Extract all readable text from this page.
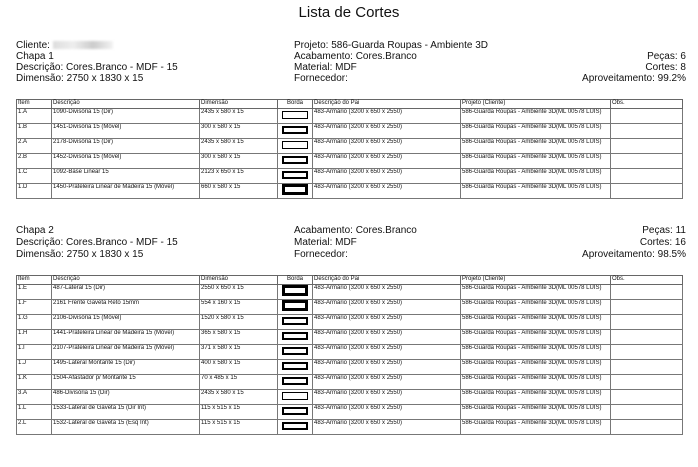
Lista de Cortes
Cliente:	Projeto: 586-Guarda Roupas - Ambiente 3D
Chapa 1
Descrição: Cores.Branco - MDF - 15
Dimensão: 2750 x 1830 x 15
Acabamento: Cores.Branco
Material: MDF
Fornecedor:
Peças: 6
Cortes: 8
Aproveitamento: 99.2%
Item	Descrição	Dimensão	Borda	Descrição do Pai	Projeto (Cliente)	Obs.
1.A	1090-Divisória 15 (Dir)	2435 x 580 x 15		483-Armário (3200 x 650 x 2550)	586-Guarda Roupas - Ambiente 3D(ML 00578 LUIS)	
1.B	1451-Divisória 15 (Móvel)	300 x 580 x 15		483-Armário (3200 x 650 x 2550)	586-Guarda Roupas - Ambiente 3D(ML 00578 LUIS)	
2.A	2178-Divisória 15 (Dir)	2435 x 580 x 15		483-Armário (3200 x 650 x 2550)	586-Guarda Roupas - Ambiente 3D(ML 00578 LUIS)	
2.B	1452-Divisória 15 (Móvel)	300 x 580 x 15		483-Armário (3200 x 650 x 2550)	586-Guarda Roupas - Ambiente 3D(ML 00578 LUIS)	
1.C	1092-Base Linear 15	2123 x 650 x 15		483-Armário (3200 x 650 x 2550)	586-Guarda Roupas - Ambiente 3D(ML 00578 LUIS)	
1.D	1450-Prateleira Linear de Madeira 15 (Móvel)	660 x 580 x 15		483-Armário (3200 x 650 x 2550)	586-Guarda Roupas - Ambiente 3D(ML 00578 LUIS)	
Chapa 2
Descrição: Cores.Branco - MDF - 15
Dimensão: 2750 x 1830 x 15
Acabamento: Cores.Branco
Material: MDF
Fornecedor:
Peças: 11
Cortes: 16
Aproveitamento: 98.5%
Item	Descrição	Dimensão	Borda	Descrição do Pai	Projeto (Cliente)	Obs.
1.E	487-Lateral 15 (Dir)	2550 x 650 x 15		483-Armário (3200 x 650 x 2550)	586-Guarda Roupas - Ambiente 3D(ML 00578 LUIS)	
1.F	2161 Frente Gaveta Reto 15mm	554 x 160 x 15		483-Armário (3200 x 650 x 2550)	586-Guarda Roupas - Ambiente 3D(ML 00578 LUIS)	
1.G	2106-Divisória 15 (Móvel)	1520 x 580 x 15		483-Armário (3200 x 650 x 2550)	586-Guarda Roupas - Ambiente 3D(ML 00578 LUIS)	
1.H	1441-Prateleira Linear de Madeira 15 (Móvel)	365 x 580 x 15		483-Armário (3200 x 650 x 2550)	586-Guarda Roupas - Ambiente 3D(ML 00578 LUIS)	
1.I	2107-Prateleira Linear de Madeira 15 (Móvel)	371 x 580 x 15		483-Armário (3200 x 650 x 2550)	586-Guarda Roupas - Ambiente 3D(ML 00578 LUIS)	
1.J	1495-Lateral Montante 15 (Dir)	400 x 580 x 15		483-Armário (3200 x 650 x 2550)	586-Guarda Roupas - Ambiente 3D(ML 00578 LUIS)	
1.K	1504-Afastador p/ Montante 15	70 x 485 x 15		483-Armário (3200 x 650 x 2550)	586-Guarda Roupas - Ambiente 3D(ML 00578 LUIS)	
3.A	486-Divisória 15 (Dir)	2435 x 580 x 15		483-Armário (3200 x 650 x 2550)	586-Guarda Roupas - Ambiente 3D(ML 00578 LUIS)	
1.L	1533-Lateral de Gaveta 15 (Dir Int)	115 x 515 x 15		483-Armário (3200 x 650 x 2550)	586-Guarda Roupas - Ambiente 3D(ML 00578 LUIS)	
2.L	1532-Lateral de Gaveta 15 (Esq Int)	115 x 515 x 15		483-Armário (3200 x 650 x 2550)	586-Guarda Roupas - Ambiente 3D(ML 00578 LUIS)	
